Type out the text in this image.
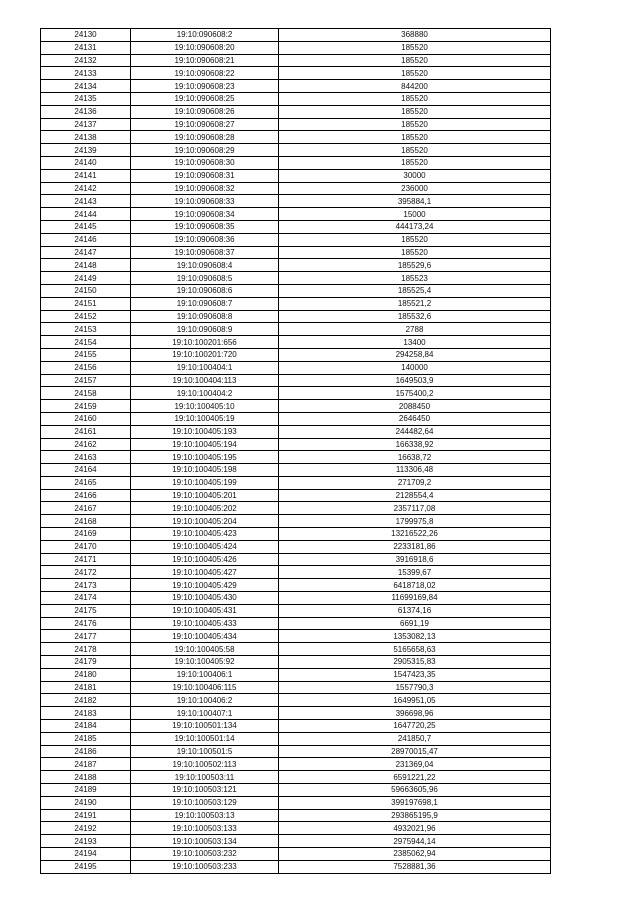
24130	19:10:090608:2	368880
24131	19:10:090608:20	185520
24132	19:10:090608:21	185520
24133	19:10:090608:22	185520
24134	19:10:090608:23	844200
24135	19:10:090608:25	185520
24136	19:10:090608:26	185520
24137	19:10:090608:27	185520
24138	19:10:090608:28	185520
24139	19:10:090608:29	185520
24140	19:10:090608:30	185520
24141	19:10:090608:31	30000
24142	19:10:090608:32	236000
24143	19:10:090608:33	395884,1
24144	19:10:090608:34	15000
24145	19:10:090608:35	444173,24
24146	19:10:090608:36	185520
24147	19:10:090608:37	185520
24148	19:10:090608:4	185529,6
24149	19:10:090608:5	185523
24150	19:10:090608:6	185525,4
24151	19:10:090608:7	185521,2
24152	19:10:090608:8	185532,6
24153	19:10:090608:9	2788
24154	19:10:100201:656	13400
24155	19:10:100201:720	294258,84
24156	19:10:100404:1	140000
24157	19:10:100404:113	1649503,9
24158	19:10:100404:2	1575400,2
24159	19:10:100405:10	2088450
24160	19:10:100405:19	2646450
24161	19:10:100405:193	244482,64
24162	19:10:100405:194	166338,92
24163	19:10:100405:195	16638,72
24164	19:10:100405:198	113306,48
24165	19:10:100405:199	271709,2
24166	19:10:100405:201	2128554,4
24167	19:10:100405:202	2357117,08
24168	19:10:100405:204	1799975,8
24169	19:10:100405:423	13216522,26
24170	19:10:100405:424	2233181,86
24171	19:10:100405:426	3916918,6
24172	19:10:100405:427	15399,67
24173	19:10:100405:429	6418718,02
24174	19:10:100405:430	11699169,84
24175	19:10:100405:431	61374,16
24176	19:10:100405:433	6691,19
24177	19:10:100405:434	1353082,13
24178	19:10:100405:58	5165658,63
24179	19:10:100405:92	2905315,83
24180	19:10:100406:1	1547423,35
24181	19:10:100406:115	1557790,3
24182	19:10:100406:2	1649951,05
24183	19:10:100407:1	396698,96
24184	19:10:100501:134	1647720,25
24185	19:10:100501:14	241850,7
24186	19:10:100501:5	28970015,47
24187	19:10:100502:113	231369,04
24188	19:10:100503:11	6591221,22
24189	19:10:100503:121	59663605,96
24190	19:10:100503:129	399197698,1
24191	19:10:100503:13	293865195,9
24192	19:10:100503:133	4932021,96
24193	19:10:100503:134	2975944,14
24194	19:10:100503:232	2385062,94
24195	19:10:100503:233	7528881,36
